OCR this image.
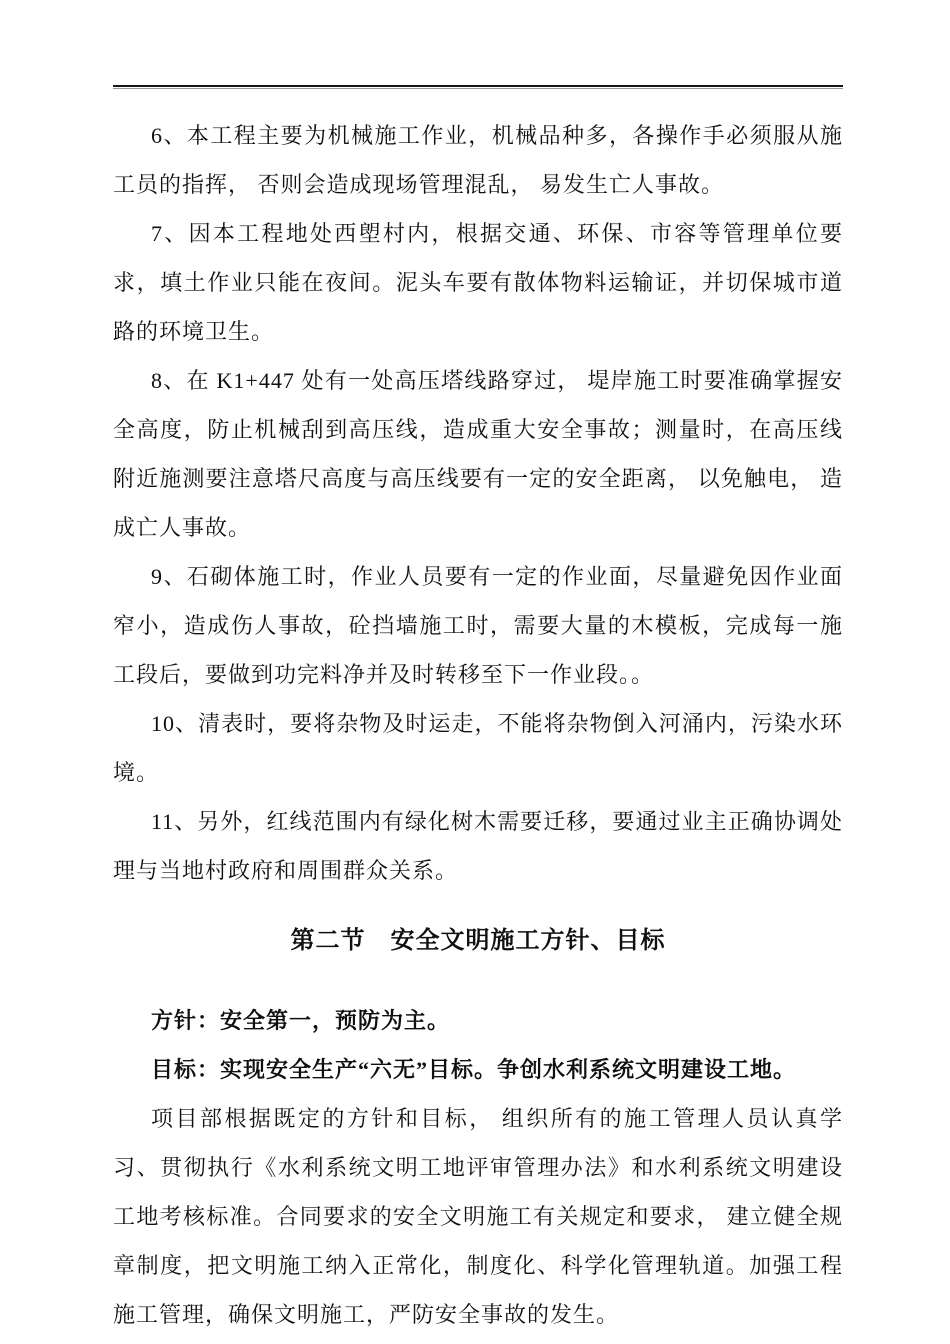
6、本工程主要为机械施工作业，机械品种多，各操作手必须服从施工员的指挥， 否则会造成现场管理混乱， 易发生亡人事故。

7、因本工程地处西塱村内，根据交通、环保、市容等管理单位要求，填土作业只能在夜间。泥头车要有散体物料运输证，并切保城市道路的环境卫生。

8、在 K1+447 处有一处高压塔线路穿过， 堤岸施工时要准确掌握安全高度，防止机械刮到高压线，造成重大安全事故；测量时，在高压线附近施测要注意塔尺高度与高压线要有一定的安全距离， 以免触电， 造成亡人事故。

9、石砌体施工时，作业人员要有一定的作业面，尽量避免因作业面窄小，造成伤人事故，砼挡墙施工时，需要大量的木模板，完成每一施工段后，要做到功完料净并及时转移至下一作业段。。

10、清表时，要将杂物及时运走，不能将杂物倒入河涌内，污染水环境。

11、另外，红线范围内有绿化树木需要迁移，要通过业主正确协调处理与当地村政府和周围群众关系。

第二节　安全文明施工方针、目标

方针：安全第一，预防为主。

目标：实现安全生产“六无”目标。争创水利系统文明建设工地。

项目部根据既定的方针和目标， 组织所有的施工管理人员认真学习、贯彻执行《水利系统文明工地评审管理办法》和水利系统文明建设工地考核标准。合同要求的安全文明施工有关规定和要求， 建立健全规章制度，把文明施工纳入正常化，制度化、科学化管理轨道。加强工程施工管理，确保文明施工，严防安全事故的发生。
